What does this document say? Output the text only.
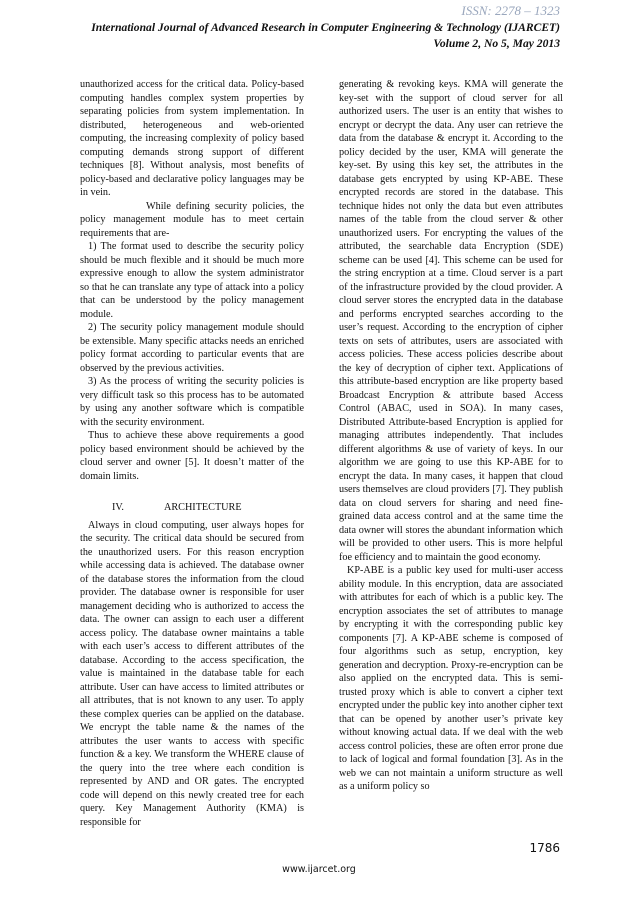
ISSN: 2278 – 1323
International Journal of Advanced Research in Computer Engineering & Technology (IJARCET)
Volume 2, No 5, May 2013

unauthorized access for the critical data. Policy-based computing handles complex system properties by separating policies from system implementation. In distributed, heterogeneous and web-oriented computing, the increasing complexity of policy based computing demands strong support of different techniques [8]. Without analysis, most benefits of policy-based and declarative policy languages may be in vein.

While defining security policies, the policy management module has to meet certain requirements that are-

1) The format used to describe the security policy should be much flexible and it should be much more expressive enough to allow the system administrator so that he can translate any type of attack into a policy that can be understood by the policy management module.

2) The security policy management module should be extensible. Many specific attacks needs an enriched policy format according to particular events that are observed by the previous activities.

3) As the process of writing the security policies is very difficult task so this process has to be automated by using any another software which is compatible with the security environment.

Thus to achieve these above requirements a good policy based environment should be achieved by the cloud server and owner [5]. It doesn’t matter of the domain limits.

IV.	ARCHITECTURE

Always in cloud computing, user always hopes for the security. The critical data should be secured from the unauthorized users. For this reason encryption while accessing data is achieved. The database owner of the database stores the information from the cloud provider. The database owner is responsible for user management deciding who is authorized to access the data. The owner can assign to each user a different access policy. The database owner maintains a table with each user’s access to different attributes of the database. According to the access specification, the value is maintained in the database table for each attribute. User can have access to limited attributes or all attributes, that is not known to any user. To apply these complex queries can be applied on the database. We encrypt the table name & the names of the attributes the user wants to access with specific function & a key. We transform the WHERE clause of the query into the tree where each condition is represented by AND and OR gates. The encrypted code will depend on this newly created tree for each query. Key Management Authority (KMA) is responsible for

generating & revoking keys. KMA will generate the key-set with the support of cloud server for all authorized users. The user is an entity that wishes to encrypt or decrypt the data. Any user can retrieve the data from the database & encrypt it. According to the policy decided by the user, KMA will generate the key-set. By using this key set, the attributes in the database gets encrypted by using KP-ABE. These encrypted records are stored in the database. This technique hides not only the data but even attributes names of the table from the cloud server & other unauthorized users. For encrypting the values of the attributed, the searchable data Encryption (SDE) scheme can be used [4]. This scheme can be used for the string encryption at a time. Cloud server is a part of the infrastructure provided by the cloud provider. A cloud server stores the encrypted data in the database and performs encrypted searches according to the user’s request. According to the encryption of cipher texts on sets of attributes, users are associated with access policies. These access policies describe about the key of decryption of cipher text. Applications of this attribute-based encryption are like property based Broadcast Encryption & attribute based Access Control (ABAC, used in SOA). In many cases, Distributed Attribute-based Encryption is applied for managing attributes independently. That includes different algorithms & use of variety of keys. In our algorithm we are going to use this KP-ABE for to encrypt the data. In many cases, it happen that cloud users themselves are cloud providers [7]. They publish data on cloud servers for sharing and need fine-grained data access control and at the same time the data owner will stores the abundant information which will be provided to other users. This is more helpful foe efficiency and to maintain the good economy.

KP-ABE is a public key used for multi-user access ability module. In this encryption, data are associated with attributes for each of which is a public key. The encryption associates the set of attributes to manage by encrypting it with the corresponding public key components [7]. A KP-ABE scheme is composed of four algorithms such as setup, encryption, key generation and decryption. Proxy-re-encryption can be also applied on the encrypted data. This is semi-trusted proxy which is able to convert a cipher text encrypted under the public key into another cipher text that can be opened by another user’s private key without knowing actual data. If we deal with the web access control policies, these are often error prone due to lack of logical and formal foundation [3]. As in the web we can not maintain a uniform structure as well as a uniform policy so

1786
www.ijarcet.org
